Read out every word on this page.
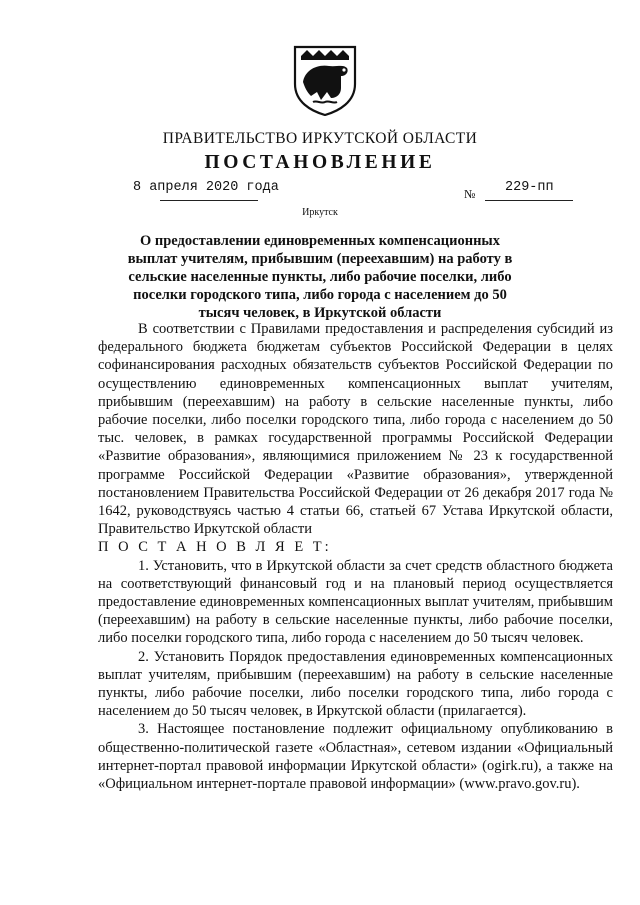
ПРАВИТЕЛЬСТВО ИРКУТСКОЙ ОБЛАСТИ
ПОСТАНОВЛЕНИЕ
8 апреля 2020 года	№ 229-пп
Иркутск
О предоставлении единовременных компенсационных выплат учителям, прибывшим (переехавшим) на работу в сельские населенные пункты, либо рабочие поселки, либо поселки городского типа, либо города с населением до 50 тысяч человек, в Иркутской области

В соответствии с Правилами предоставления и распределения субсидий из федерального бюджета бюджетам субъектов Российской Федерации в целях софинансирования расходных обязательств субъектов Российской Федерации по осуществлению единовременных компенсационных выплат учителям, прибывшим (переехавшим) на работу в сельские населенные пункты, либо рабочие поселки, либо поселки городского типа, либо города с населением до 50 тыс. человек, в рамках государственной программы Российской Федерации «Развитие образования», являющимися приложением № 23 к государственной программе Российской Федерации «Развитие образования», утвержденной постановлением Правительства Российской Федерации от 26 декабря 2017 года № 1642, руководствуясь частью 4 статьи 66, статьей 67 Устава Иркутской области, Правительство Иркутской области

П О С Т А Н О В Л Я Е Т:

1. Установить, что в Иркутской области за счет средств областного бюджета на соответствующий финансовый год и на плановый период осуществляется предоставление единовременных компенсационных выплат учителям, прибывшим (переехавшим) на работу в сельские населенные пункты, либо рабочие поселки, либо поселки городского типа, либо города с населением до 50 тысяч человек.

2. Установить Порядок предоставления единовременных компенсационных выплат учителям, прибывшим (переехавшим) на работу в сельские населенные пункты, либо рабочие поселки, либо поселки городского типа, либо города с населением до 50 тысяч человек, в Иркутской области (прилагается).

3. Настоящее постановление подлежит официальному опубликованию в общественно-политической газете «Областная», сетевом издании «Официальный интернет-портал правовой информации Иркутской области» (ogirk.ru), а также на «Официальном интернет-портале правовой информации» (www.pravo.gov.ru).
